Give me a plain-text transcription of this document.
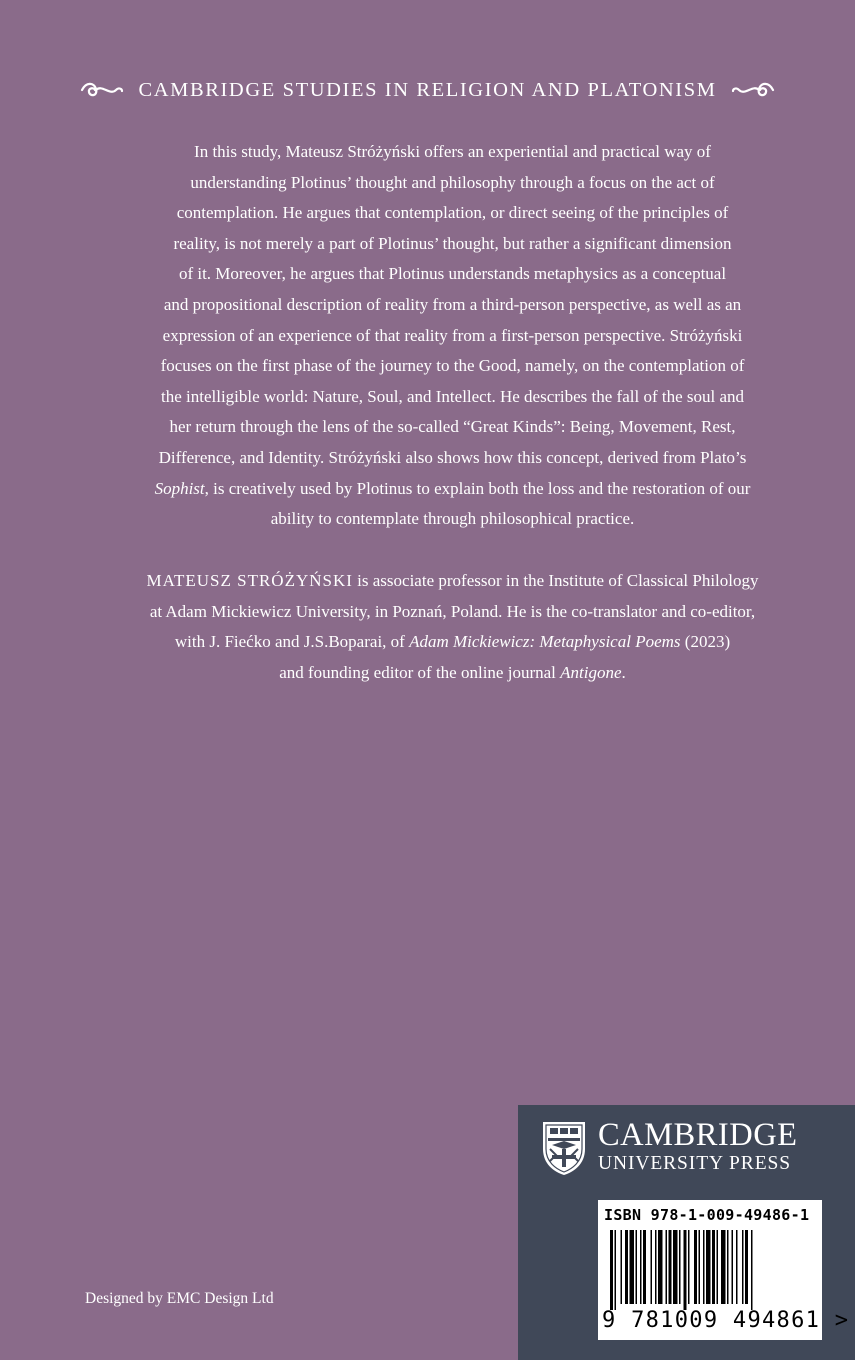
CAMBRIDGE STUDIES IN RELIGION AND PLATONISM

In this study, Mateusz Stróżyński offers an experiential and practical way of
understanding Plotinus’ thought and philosophy through a focus on the act of
contemplation. He argues that contemplation, or direct seeing of the principles of
reality, is not merely a part of Plotinus’ thought, but rather a significant dimension
of it. Moreover, he argues that Plotinus understands metaphysics as a conceptual
and propositional description of reality from a third-person perspective, as well as an
expression of an experience of that reality from a first-person perspective. Stróżyński
focuses on the first phase of the journey to the Good, namely, on the contemplation of
the intelligible world: Nature, Soul, and Intellect. He describes the fall of the soul and
her return through the lens of the so-called “Great Kinds”: Being, Movement, Rest,
Difference, and Identity. Stróżyński also shows how this concept, derived from Plato’s
Sophist, is creatively used by Plotinus to explain both the loss and the restoration of our
ability to contemplate through philosophical practice.

MATEUSZ STRÓŻYŃSKI is associate professor in the Institute of Classical Philology
at Adam Mickiewicz University, in Poznań, Poland. He is the co-translator and co-editor,
with J. Fiećko and J.S.Boparai, of Adam Mickiewicz: Metaphysical Poems (2023)
and founding editor of the online journal Antigone.

Designed by EMC Design Ltd
CAMBRIDGE
UNIVERSITY PRESS
ISBN 978-1-009-49486-1
9 781009 494861 >
